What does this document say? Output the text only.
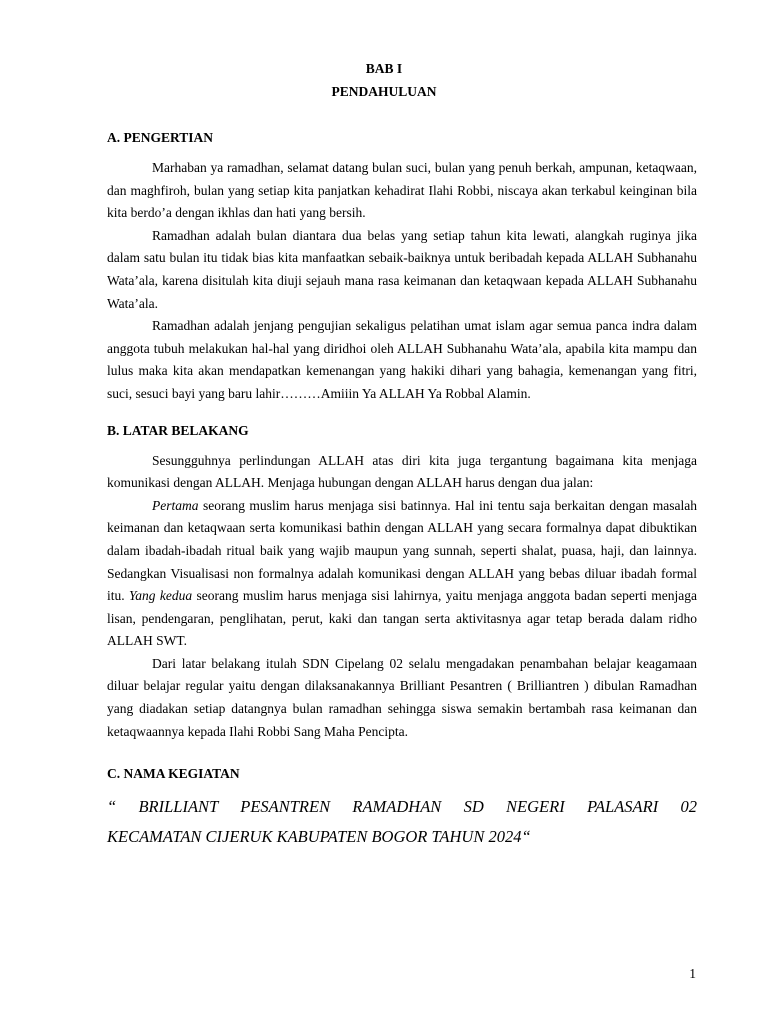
BAB I
PENDAHULUAN
A. PENGERTIAN

Marhaban ya ramadhan, selamat datang bulan suci, bulan yang penuh berkah, ampunan, ketaqwaan, dan maghfiroh, bulan yang setiap kita panjatkan kehadirat Ilahi Robbi, niscaya akan terkabul keinginan bila kita berdo’a dengan ikhlas dan hati yang bersih.

Ramadhan adalah bulan diantara dua belas yang setiap tahun kita lewati, alangkah ruginya jika dalam satu bulan itu tidak bias kita manfaatkan sebaik-baiknya untuk beribadah kepada ALLAH Subhanahu Wata’ala, karena disitulah kita diuji sejauh mana rasa keimanan dan ketaqwaan kepada ALLAH Subhanahu Wata’ala.

Ramadhan adalah jenjang pengujian sekaligus pelatihan umat islam agar semua panca indra dalam anggota tubuh melakukan hal-hal yang diridhoi oleh ALLAH Subhanahu Wata’ala, apabila kita mampu dan lulus maka kita akan mendapatkan kemenangan yang hakiki dihari yang bahagia, kemenangan yang fitri, suci, sesuci bayi yang baru lahir………Amiiin Ya ALLAH Ya Robbal Alamin.

B. LATAR BELAKANG

Sesungguhnya perlindungan ALLAH atas diri kita juga tergantung bagaimana kita menjaga komunikasi dengan ALLAH. Menjaga hubungan dengan ALLAH harus dengan dua jalan:

Pertama seorang muslim harus menjaga sisi batinnya. Hal ini tentu saja berkaitan dengan masalah keimanan dan ketaqwaan serta komunikasi bathin dengan ALLAH yang secara formalnya dapat dibuktikan dalam ibadah-ibadah ritual baik yang wajib maupun yang sunnah, seperti shalat, puasa, haji, dan lainnya. Sedangkan Visualisasi non formalnya adalah komunikasi dengan ALLAH yang bebas diluar ibadah formal itu. Yang kedua seorang muslim harus menjaga sisi lahirnya, yaitu menjaga anggota badan seperti menjaga lisan, pendengaran, penglihatan, perut, kaki dan tangan serta aktivitasnya agar tetap berada dalam ridho ALLAH SWT.

Dari latar belakang itulah SDN Cipelang 02 selalu mengadakan penambahan belajar keagamaan diluar belajar regular yaitu dengan dilaksanakannya Brilliant Pesantren ( Brilliantren ) dibulan Ramadhan yang diadakan setiap datangnya bulan ramadhan sehingga siswa semakin bertambah rasa keimanan dan ketaqwaannya kepada Ilahi Robbi Sang Maha Pencipta.

C. NAMA KEGIATAN
“ BRILLIANT PESANTREN RAMADHAN SD NEGERI PALASARI 02
KECAMATAN CIJERUK KABUPATEN BOGOR TAHUN 2024“
1
